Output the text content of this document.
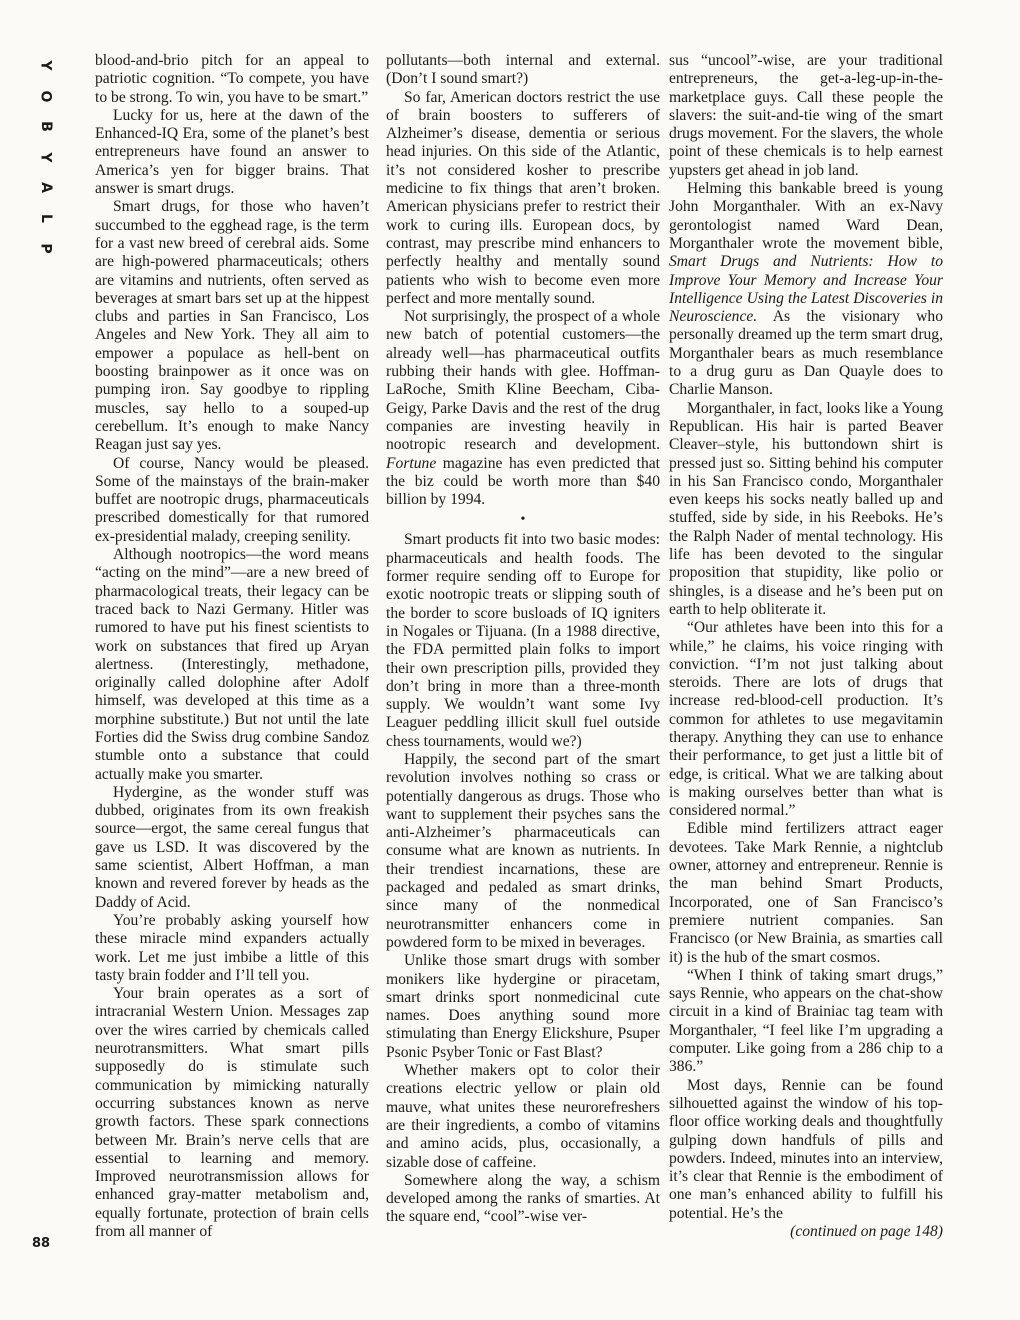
Y
O
B
Y
A
L
P
88

blood-and-brio pitch for an appeal to patriotic cognition. “To compete, you have to be strong. To win, you have to be smart.”

Lucky for us, here at the dawn of the Enhanced-IQ Era, some of the planet’s best entrepreneurs have found an answer to America’s yen for bigger brains. That answer is smart drugs.

Smart drugs, for those who haven’t succumbed to the egghead rage, is the term for a vast new breed of cerebral aids. Some are high-powered pharmaceuticals; others are vitamins and nutrients, often served as beverages at smart bars set up at the hippest clubs and parties in San Francisco, Los Angeles and New York. They all aim to empower a populace as hell-bent on boosting brainpower as it once was on pumping iron. Say goodbye to rippling muscles, say hello to a souped-up cerebellum. It’s enough to make Nancy Reagan just say yes.

Of course, Nancy would be pleased. Some of the mainstays of the brain-maker buffet are nootropic drugs, pharmaceuticals prescribed domestically for that rumored ex-presidential malady, creeping senility.

Although nootropics—the word means “acting on the mind”—are a new breed of pharmacological treats, their legacy can be traced back to Nazi Germany. Hitler was rumored to have put his finest scientists to work on substances that fired up Aryan alertness. (Interestingly, methadone, originally called dolophine after Adolf himself, was developed at this time as a morphine substitute.) But not until the late Forties did the Swiss drug combine Sandoz stumble onto a substance that could actually make you smarter.

Hydergine, as the wonder stuff was dubbed, originates from its own freakish source—ergot, the same cereal fungus that gave us LSD. It was discovered by the same scientist, Albert Hoffman, a man known and revered forever by heads as the Daddy of Acid.

You’re probably asking yourself how these miracle mind expanders actually work. Let me just imbibe a little of this tasty brain fodder and I’ll tell you.

Your brain operates as a sort of intracranial Western Union. Messages zap over the wires carried by chemicals called neurotransmitters. What smart pills supposedly do is stimulate such communication by mimicking naturally occurring substances known as nerve growth factors. These spark connections between Mr. Brain’s nerve cells that are essential to learning and memory. Improved neurotransmission allows for enhanced gray-matter metabolism and, equally fortunate, protection of brain cells from all manner of

pollutants—both internal and external. (Don’t I sound smart?)

So far, American doctors restrict the use of brain boosters to sufferers of Alzheimer’s disease, dementia or serious head injuries. On this side of the Atlantic, it’s not considered kosher to prescribe medicine to fix things that aren’t broken. American physicians prefer to restrict their work to curing ills. European docs, by contrast, may prescribe mind enhancers to perfectly healthy and mentally sound patients who wish to become even more perfect and more mentally sound.

Not surprisingly, the prospect of a whole new batch of potential customers—the already well—has pharmaceutical outfits rubbing their hands with glee. Hoffman-LaRoche, Smith Kline Beecham, Ciba-Geigy, Parke Davis and the rest of the drug companies are investing heavily in nootropic research and development. Fortune magazine has even predicted that the biz could be worth more than $40 billion by 1994.

•

Smart products fit into two basic modes: pharmaceuticals and health foods. The former require sending off to Europe for exotic nootropic treats or slipping south of the border to score busloads of IQ igniters in Nogales or Tijuana. (In a 1988 directive, the FDA permitted plain folks to import their own prescription pills, provided they don’t bring in more than a three-month supply. We wouldn’t want some Ivy Leaguer peddling illicit skull fuel outside chess tournaments, would we?)

Happily, the second part of the smart revolution involves nothing so crass or potentially dangerous as drugs. Those who want to supplement their psyches sans the anti-Alzheimer’s pharmaceuticals can consume what are known as nutrients. In their trendiest incarnations, these are packaged and pedaled as smart drinks, since many of the nonmedical neurotransmitter enhancers come in powdered form to be mixed in beverages.

Unlike those smart drugs with somber monikers like hydergine or piracetam, smart drinks sport nonmedicinal cute names. Does anything sound more stimulating than Energy Elickshure, Psuper Psonic Psyber Tonic or Fast Blast?

Whether makers opt to color their creations electric yellow or plain old mauve, what unites these neurorefreshers are their ingredients, a combo of vitamins and amino acids, plus, occasionally, a sizable dose of caffeine.

Somewhere along the way, a schism developed among the ranks of smarties. At the square end, “cool”-wise ver-

sus “uncool”-wise, are your traditional entrepreneurs, the get-a-leg-up-in-the-marketplace guys. Call these people the slavers: the suit-and-tie wing of the smart drugs movement. For the slavers, the whole point of these chemicals is to help earnest yupsters get ahead in job land.

Helming this bankable breed is young John Morganthaler. With an ex-Navy gerontologist named Ward Dean, Morganthaler wrote the movement bible, Smart Drugs and Nutrients: How to Improve Your Memory and Increase Your Intelligence Using the Latest Discoveries in Neuroscience. As the visionary who personally dreamed up the term smart drug, Morganthaler bears as much resemblance to a drug guru as Dan Quayle does to Charlie Manson.

Morganthaler, in fact, looks like a Young Republican. His hair is parted Beaver Cleaver–style, his buttondown shirt is pressed just so. Sitting behind his computer in his San Francisco condo, Morganthaler even keeps his socks neatly balled up and stuffed, side by side, in his Reeboks. He’s the Ralph Nader of mental technology. His life has been devoted to the singular proposition that stupidity, like polio or shingles, is a disease and he’s been put on earth to help obliterate it.

“Our athletes have been into this for a while,” he claims, his voice ringing with conviction. “I’m not just talking about steroids. There are lots of drugs that increase red-blood-cell production. It’s common for athletes to use megavitamin therapy. Anything they can use to enhance their performance, to get just a little bit of edge, is critical. What we are talking about is making ourselves better than what is considered normal.”

Edible mind fertilizers attract eager devotees. Take Mark Rennie, a nightclub owner, attorney and entrepreneur. Rennie is the man behind Smart Products, Incorporated, one of San Francisco’s premiere nutrient companies. San Francisco (or New Brainia, as smarties call it) is the hub of the smart cosmos.

“When I think of taking smart drugs,” says Rennie, who appears on the chat-show circuit in a kind of Brainiac tag team with Morganthaler, “I feel like I’m upgrading a computer. Like going from a 286 chip to a 386.”

Most days, Rennie can be found silhouetted against the window of his top-floor office working deals and thoughtfully gulping down handfuls of pills and powders. Indeed, minutes into an interview, it’s clear that Rennie is the embodiment of one man’s enhanced ability to fulfill his potential. He’s the

(continued on page 148)
